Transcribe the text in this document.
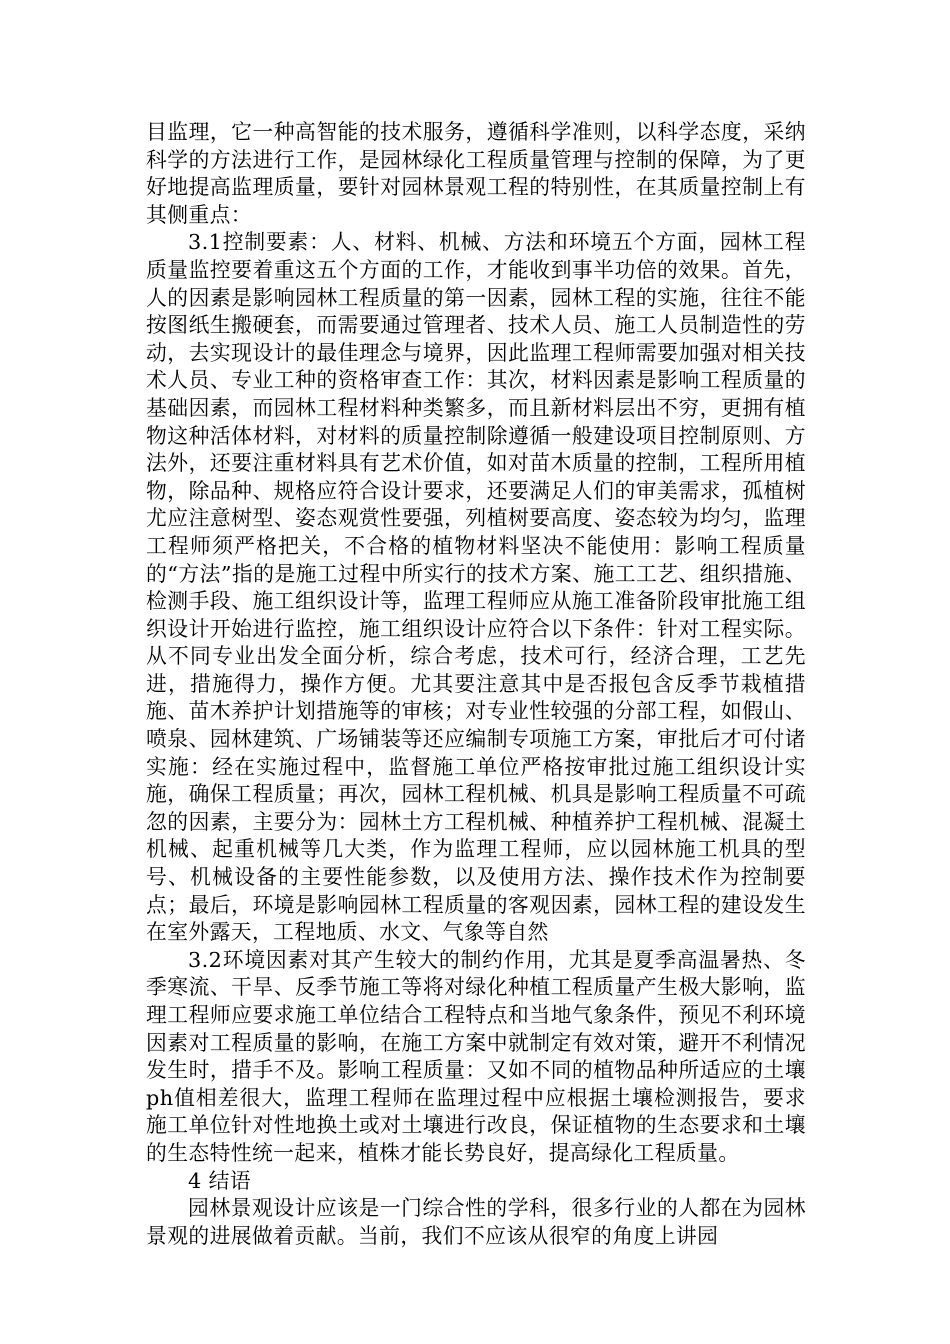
目监理，它一种高智能的技术服务，遵循科学准则，以科学态度，采纳科学的方法进行工作，是园林绿化工程质量管理与控制的保障，为了更好地提高监理质量，要针对园林景观工程的特别性，在其质量控制上有其侧重点：

3.1控制要素：人、材料、机械、方法和环境五个方面，园林工程质量监控要着重这五个方面的工作，才能收到事半功倍的效果。首先，人的因素是影响园林工程质量的第一因素，园林工程的实施，往往不能按图纸生搬硬套，而需要通过管理者、技术人员、施工人员制造性的劳动，去实现设计的最佳理念与境界，因此监理工程师需要加强对相关技术人员、专业工种的资格审查工作：其次，材料因素是影响工程质量的基础因素，而园林工程材料种类繁多，而且新材料层出不穷，更拥有植物这种活体材料，对材料的质量控制除遵循一般建设项目控制原则、方法外，还要注重材料具有艺术价值，如对苗木质量的控制，工程所用植物，除品种、规格应符合设计要求，还要满足人们的审美需求，孤植树尤应注意树型、姿态观赏性要强，列植树要高度、姿态较为均匀，监理工程师须严格把关，不合格的植物材料坚决不能使用：影响工程质量的“方法”指的是施工过程中所实行的技术方案、施工工艺、组织措施、检测手段、施工组织设计等，监理工程师应从施工准备阶段审批施工组织设计开始进行监控，施工组织设计应符合以下条件：针对工程实际。从不同专业出发全面分析，综合考虑，技术可行，经济合理，工艺先进，措施得力，操作方便。尤其要注意其中是否报包含反季节栽植措施、苗木养护计划措施等的审核；对专业性较强的分部工程，如假山、喷泉、园林建筑、广场铺装等还应编制专项施工方案，审批后才可付诸实施：经在实施过程中，监督施工单位严格按审批过施工组织设计实施，确保工程质量；再次，园林工程机械、机具是影响工程质量不可疏忽的因素，主要分为：园林土方工程机械、种植养护工程机械、混凝土机械、起重机械等几大类，作为监理工程师，应以园林施工机具的型号、机械设备的主要性能参数，以及使用方法、操作技术作为控制要点；最后，环境是影响园林工程质量的客观因素，园林工程的建设发生在室外露天，工程地质、水文、气象等自然

3.2环境因素对其产生较大的制约作用，尤其是夏季高温暑热、冬季寒流、干旱、反季节施工等将对绿化种植工程质量产生极大影响，监理工程师应要求施工单位结合工程特点和当地气象条件，预见不利环境因素对工程质量的影响，在施工方案中就制定有效对策，避开不利情况发生时，措手不及。影响工程质量：又如不同的植物品种所适应的土壤ph值相差很大，监理工程师在监理过程中应根据土壤检测报告，要求施工单位针对性地换土或对土壤进行改良，保证植物的生态要求和土壤的生态特性统一起来，植株才能长势良好，提高绿化工程质量。

4 结语

园林景观设计应该是一门综合性的学科，很多行业的人都在为园林景观的进展做着贡献。当前，我们不应该从很窄的角度上讲园
